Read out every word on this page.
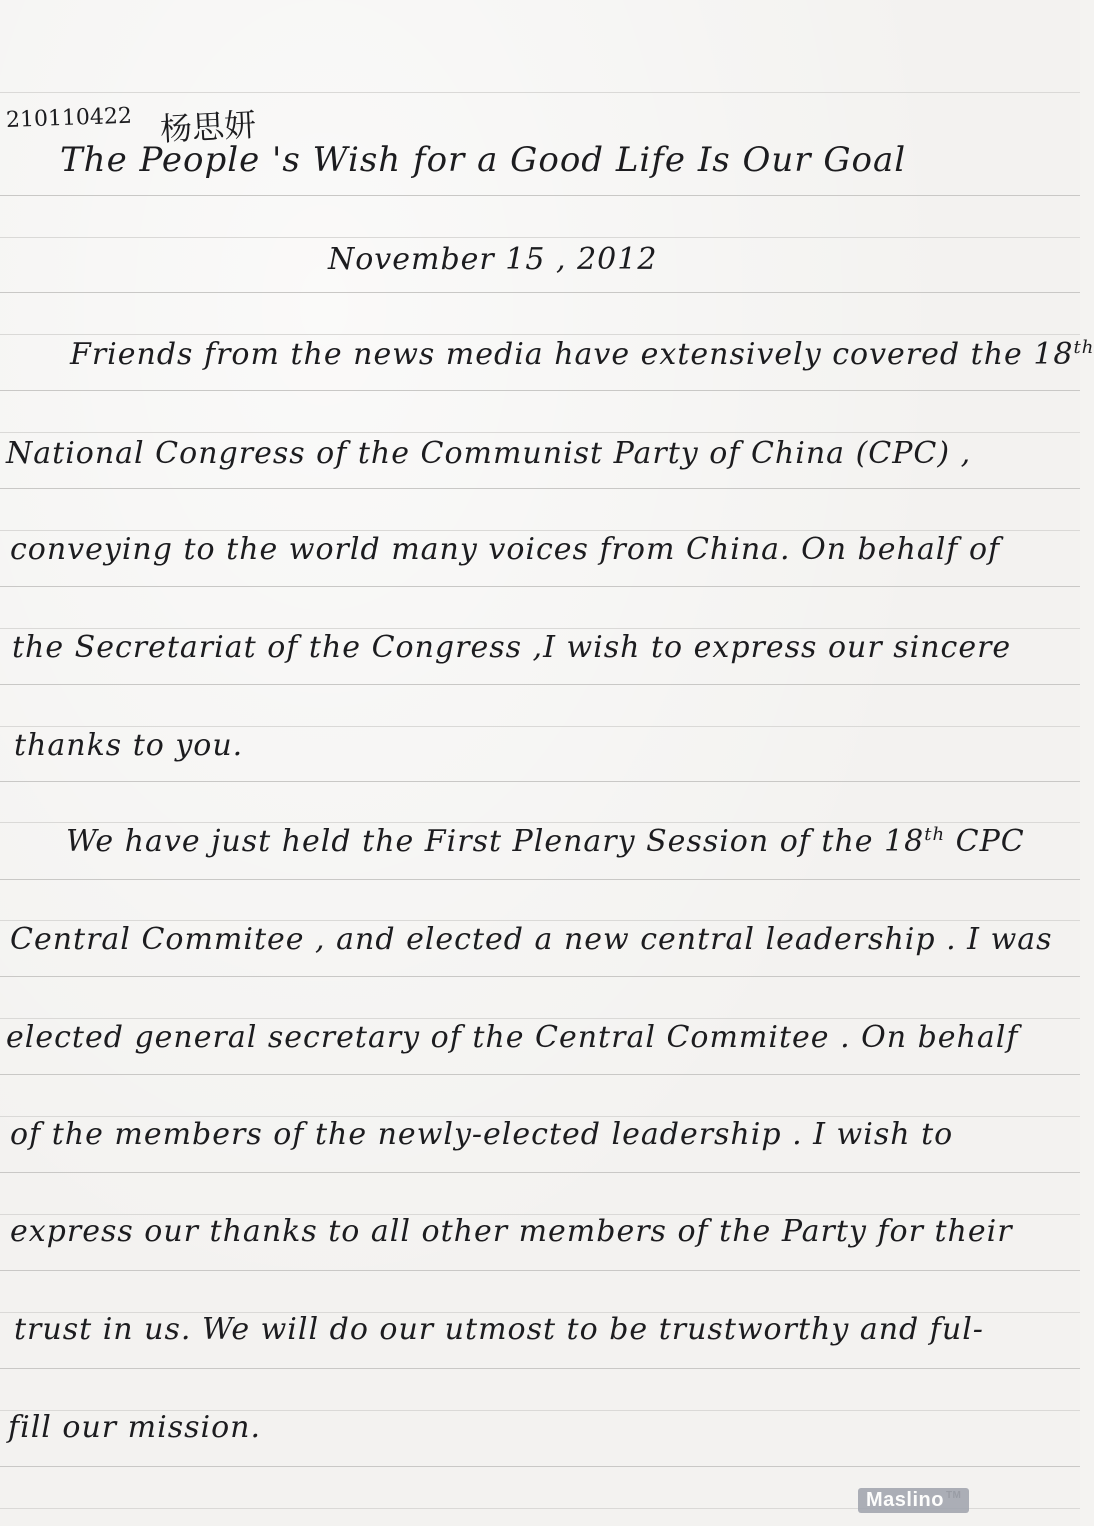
210110422 杨思妍
The People 's Wish for a Good Life Is Our Goal
November 15 , 2012
Friends from the news media have extensively covered the 18th
National Congress of the Communist Party of China (CPC) ,
conveying to the world many voices from China. On behalf of
the Secretariat of the Congress ,I wish to express our sincere
thanks to you.
We have just held the First Plenary Session of the 18th CPC
Central Commitee , and elected a new central leadership . I was
elected general secretary of the Central Commitee . On behalf
of the members of the newly-elected leadership . I wish to
express our thanks to all other members of the Party for their
trust in us. We will do our utmost to be trustworthy and ful-
fill our mission.
Maslino ™
